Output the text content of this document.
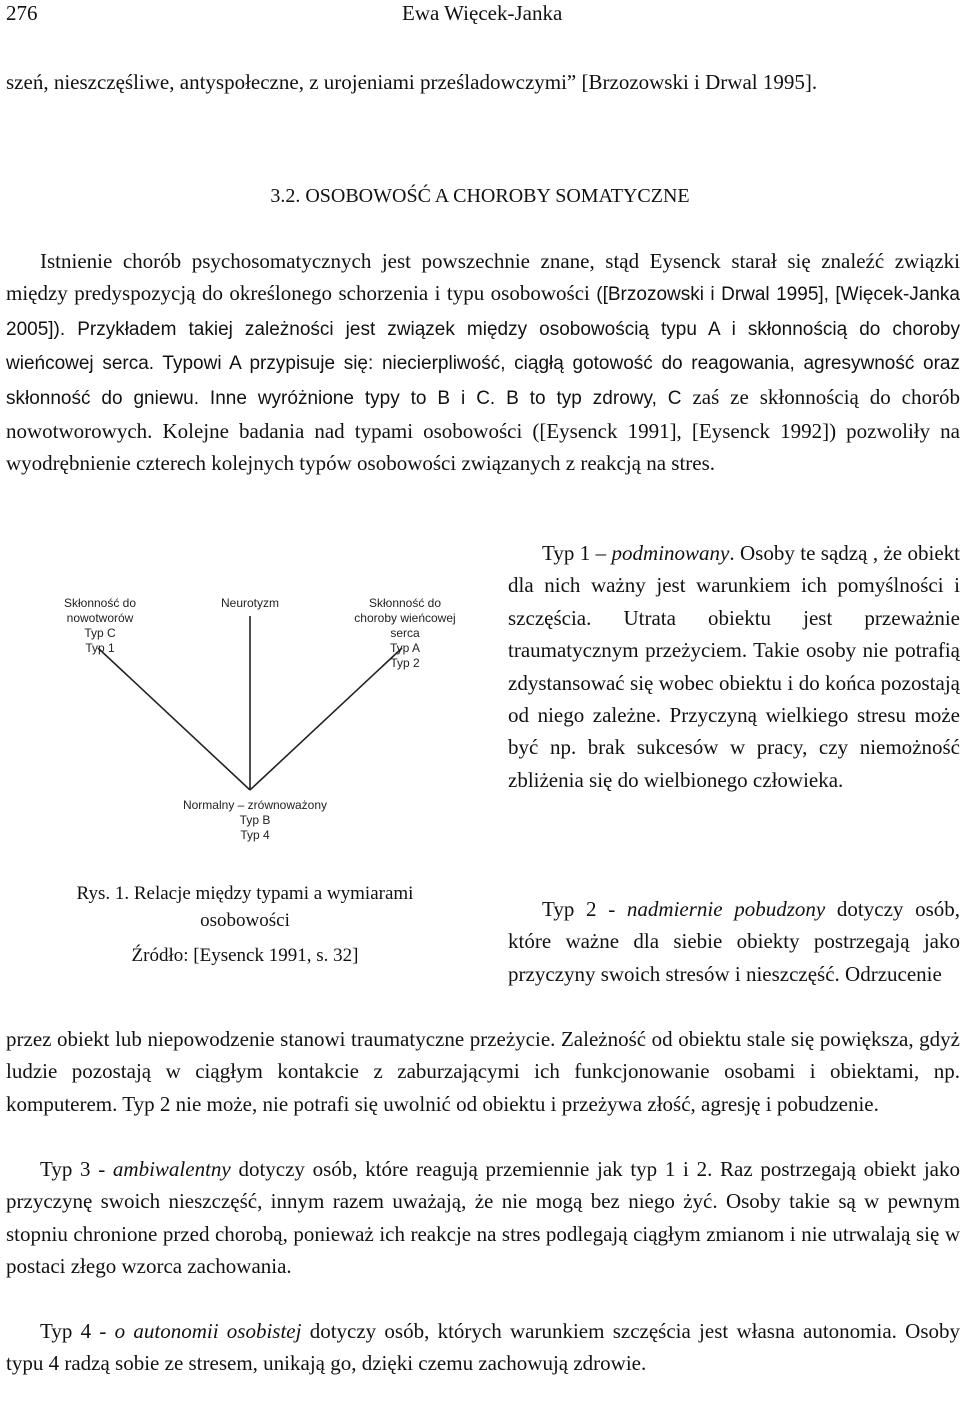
276	Ewa Więcek-Janka

szeń, nieszczęśliwe, antyspołeczne, z urojeniami prześladowczymi” [Brzozowski i Drwal 1995].

3.2. OSOBOWOŚĆ A CHOROBY SOMATYCZNE

Istnienie chorób psychosomatycznych jest powszechnie znane, stąd Eysenck starał się znaleźć związki między predyspozycją do określonego schorzenia i typu osobowości ([Brzozowski i Drwal 1995], [Więcek-Janka 2005]). Przykładem takiej zależności jest związek między osobowością typu A i skłonnością do choroby wieńcowej serca. Typowi A przypisuje się: niecierpliwość, ciągłą gotowość do reagowania, agresywność oraz skłonność do gniewu. Inne wyróżnione typy to B i C. B to typ zdrowy, C zaś ze skłonnością do chorób nowotworowych. Kolejne badania nad typami osobowości ([Eysenck 1991], [Eysenck 1992]) pozwoliły na wyodrębnienie czterech kolejnych typów osobowości związanych z reakcją na stres.

Skłonność do
nowotworów
Typ C
Typ 1
Neurotyzm	Skłonność do
choroby wieńcowej
serca
Typ A
Typ 2
Normalny – zrównoważony
Typ B
Typ 4
Rys. 1. Relacje między typami a wymiarami
osobowości
Źródło: [Eysenck 1991, s. 32]

Typ 1 – podminowany. Osoby te sądzą , że obiekt dla nich ważny jest warunkiem ich pomyślności i szczęścia. Utrata obiektu jest przeważnie traumatycznym przeżyciem. Takie osoby nie potrafią zdystansować się wobec obiektu i do końca pozostają od niego zależne. Przyczyną wielkiego stresu może być np. brak sukcesów w pracy, czy niemożność zbliżenia się do wielbionego człowieka.

Typ 2 - nadmiernie pobudzony dotyczy osób, które ważne dla siebie obiekty postrzegają jako przyczyny swoich stresów i nieszczęść. Odrzucenie

przez obiekt lub niepowodzenie stanowi traumatyczne przeżycie. Zależność od obiektu stale się powiększa, gdyż ludzie pozostają w ciągłym kontakcie z zaburzającymi ich funkcjonowanie osobami i obiektami, np. komputerem. Typ 2 nie może, nie potrafi się uwolnić od obiektu i przeżywa złość, agresję i pobudzenie.

Typ 3 - ambiwalentny dotyczy osób, które reagują przemiennie jak typ 1 i 2. Raz postrzegają obiekt jako przyczynę swoich nieszczęść, innym razem uważają, że nie mogą bez niego żyć. Osoby takie są w pewnym stopniu chronione przed chorobą, ponieważ ich reakcje na stres podlegają ciągłym zmianom i nie utrwalają się w postaci złego wzorca zachowania.

Typ 4 - o autonomii osobistej dotyczy osób, których warunkiem szczęścia jest własna autonomia. Osoby typu 4 radzą sobie ze stresem, unikają go, dzięki czemu zachowują zdrowie.
